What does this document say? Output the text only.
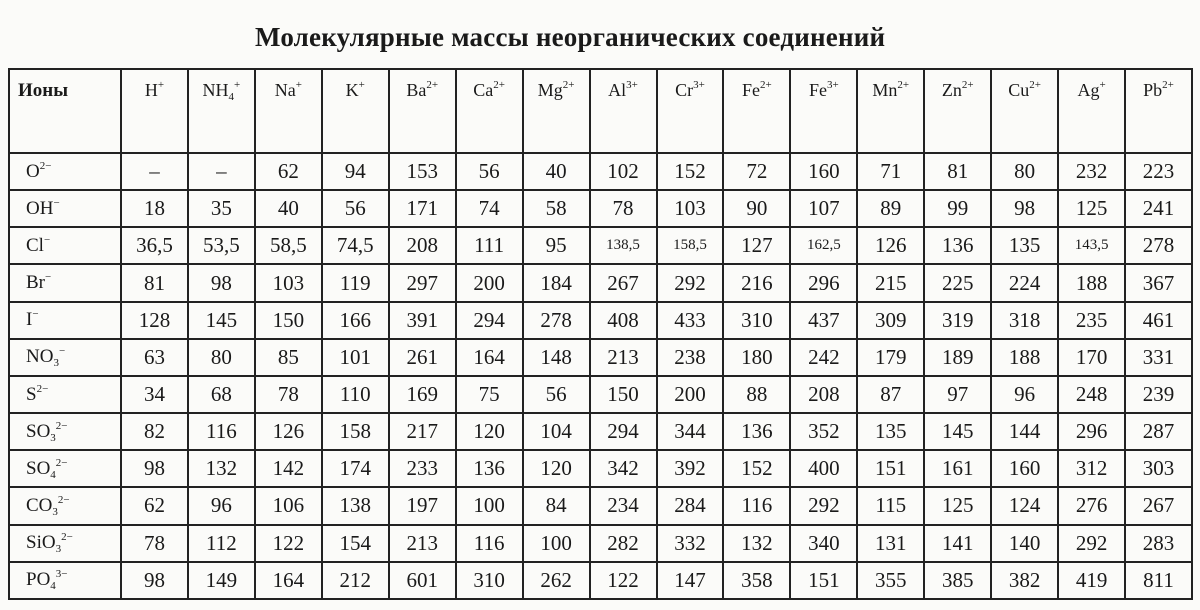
Молекулярные массы неорганических соединений
Ионы	H+	$NH_4^+$	Na+	K+	$Ba^{2+}$	$Ca^{2+}$	$Mg^{2+}$	$Al^{3+}$	$Cr^{3+}$	$Fe^{2+}$	$Fe^{3+}$	$Mn^{2+}$	$Zn^{2+}$	$Cu^{2+}$	Ag+	$Pb^{2+}$
$O^{2-}$	–	–	62	94	153	56	40	102	152	72	160	71	81	80	232	223
OH−	18	35	40	56	171	74	58	78	103	90	107	89	99	98	125	241
Cl−	36,5	53,5	58,5	74,5	208	111	95	138,5	158,5	127	162,5	126	136	135	143,5	278
Br−	81	98	103	119	297	200	184	267	292	216	296	215	225	224	188	367
I−	128	145	150	166	391	294	278	408	433	310	437	309	319	318	235	461
$NO_3^-$	63	80	85	101	261	164	148	213	238	180	242	179	189	188	170	331
$S^{2-}$	34	68	78	110	169	75	56	150	200	88	208	87	97	96	248	239
$SO_3^{2-}$	82	116	126	158	217	120	104	294	344	136	352	135	145	144	296	287
$SO_4^{2-}$	98	132	142	174	233	136	120	342	392	152	400	151	161	160	312	303
$CO_3^{2-}$	62	96	106	138	197	100	84	234	284	116	292	115	125	124	276	267
SiO$_3^{2-}$	78	112	122	154	213	116	100	282	332	132	340	131	141	140	292	283
$PO_4^{3-}$	98	149	164	212	601	310	262	122	147	358	151	355	385	382	419	811
